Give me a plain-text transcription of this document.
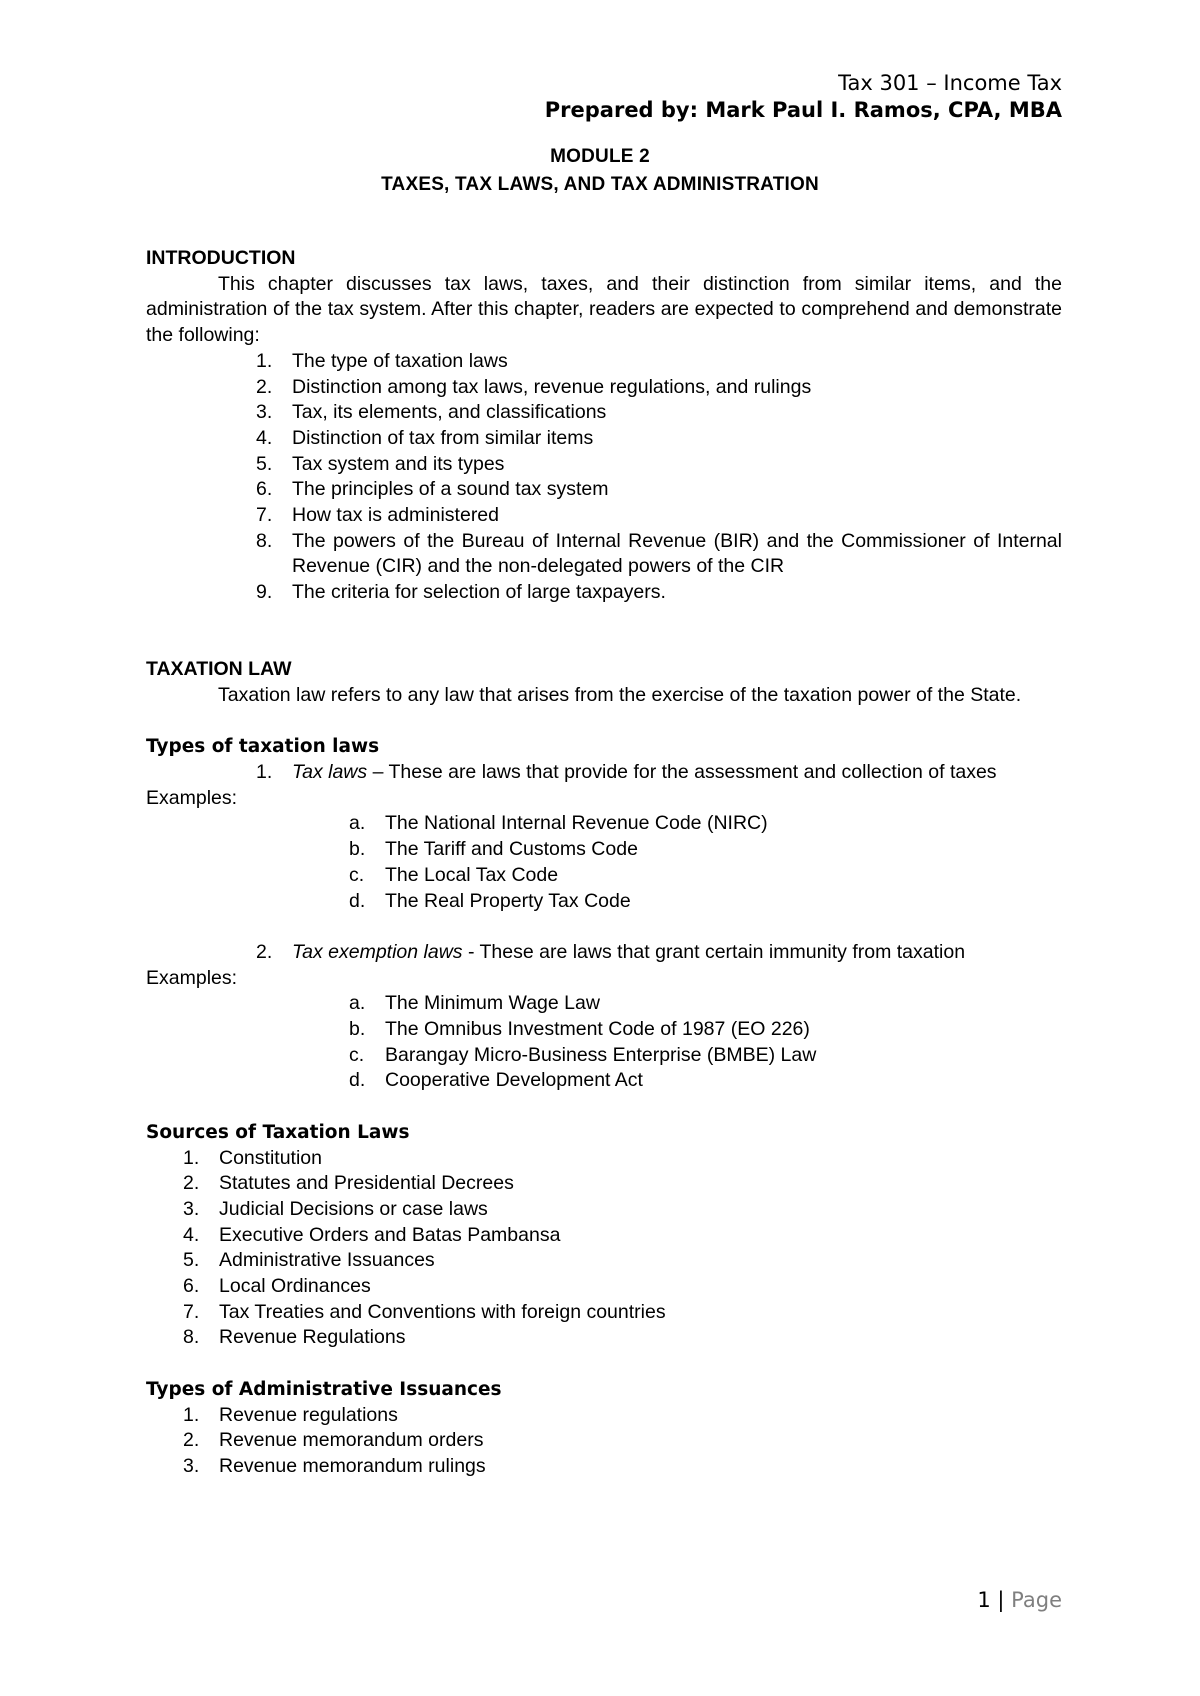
Tax 301 – Income Tax
Prepared by: Mark Paul I. Ramos, CPA, MBA
MODULE 2
TAXES, TAX LAWS, AND TAX ADMINISTRATION

INTRODUCTION

This chapter discusses tax laws, taxes, and their distinction from similar items, and the administration of the tax system. After this chapter, readers are expected to comprehend and demonstrate the following:

1.	The type of taxation laws
2.	Distinction among tax laws, revenue regulations, and rulings
3.	Tax, its elements, and classifications
4.	Distinction of tax from similar items
5.	Tax system and its types
6.	The principles of a sound tax system
7.	How tax is administered
8.	The powers of the Bureau of Internal Revenue (BIR) and the Commissioner of Internal Revenue (CIR) and the non-delegated powers of the CIR
9.	The criteria for selection of large taxpayers.

TAXATION LAW

Taxation law refers to any law that arises from the exercise of the taxation power of the State.

Types of taxation laws

1.	Tax laws – These are laws that provide for the assessment and collection of taxes

Examples:

a.	The National Internal Revenue Code (NIRC)
b.	The Tariff and Customs Code
c.	The Local Tax Code
d.	The Real Property Tax Code
2.	Tax exemption laws - These are laws that grant certain immunity from taxation

Examples:

a.	The Minimum Wage Law
b.	The Omnibus Investment Code of 1987 (EO 226)
c.	Barangay Micro-Business Enterprise (BMBE) Law
d.	Cooperative Development Act

Sources of Taxation Laws

1.	Constitution
2.	Statutes and Presidential Decrees
3.	Judicial Decisions or case laws
4.	Executive Orders and Batas Pambansa
5.	Administrative Issuances
6.	Local Ordinances
7.	Tax Treaties and Conventions with foreign countries
8.	Revenue Regulations

Types of Administrative Issuances

1.	Revenue regulations
2.	Revenue memorandum orders
3.	Revenue memorandum rulings
1 | Page
